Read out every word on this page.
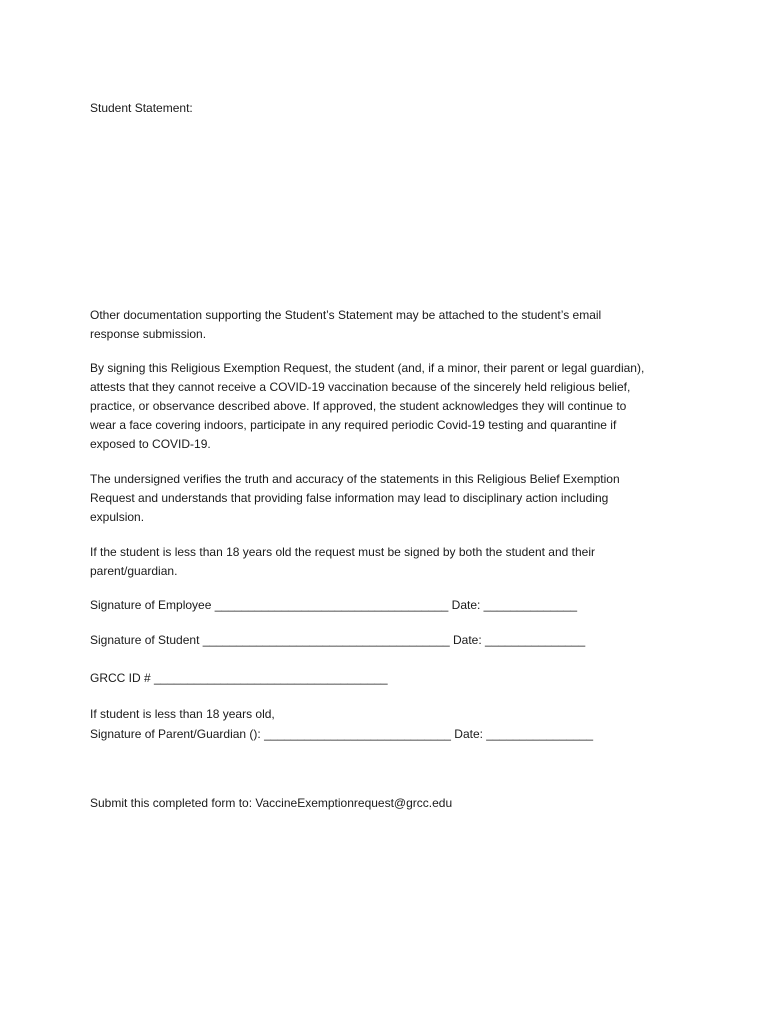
Student Statement:
Other documentation supporting the Student’s Statement may be attached to the student’s email
response submission.
By signing this Religious Exemption Request, the student (and, if a minor, their parent or legal guardian),
attests that they cannot receive a COVID-19 vaccination because of the sincerely held religious belief,
practice, or observance described above. If approved, the student acknowledges they will continue to
wear a face covering indoors, participate in any required periodic Covid-19 testing and quarantine if
exposed to COVID-19.
The undersigned verifies the truth and accuracy of the statements in this Religious Belief Exemption
Request and understands that providing false information may lead to disciplinary action including
expulsion.
If the student is less than 18 years old the request must be signed by both the student and their
parent/guardian.
Signature of Employee ___________________________________ Date: ______________
Signature of Student _____________________________________ Date: _______________
GRCC ID # ___________________________________
If student is less than 18 years old,
Signature of Parent/Guardian (): ____________________________ Date: ________________
Submit this completed form to: VaccineExemptionrequest@grcc.edu
